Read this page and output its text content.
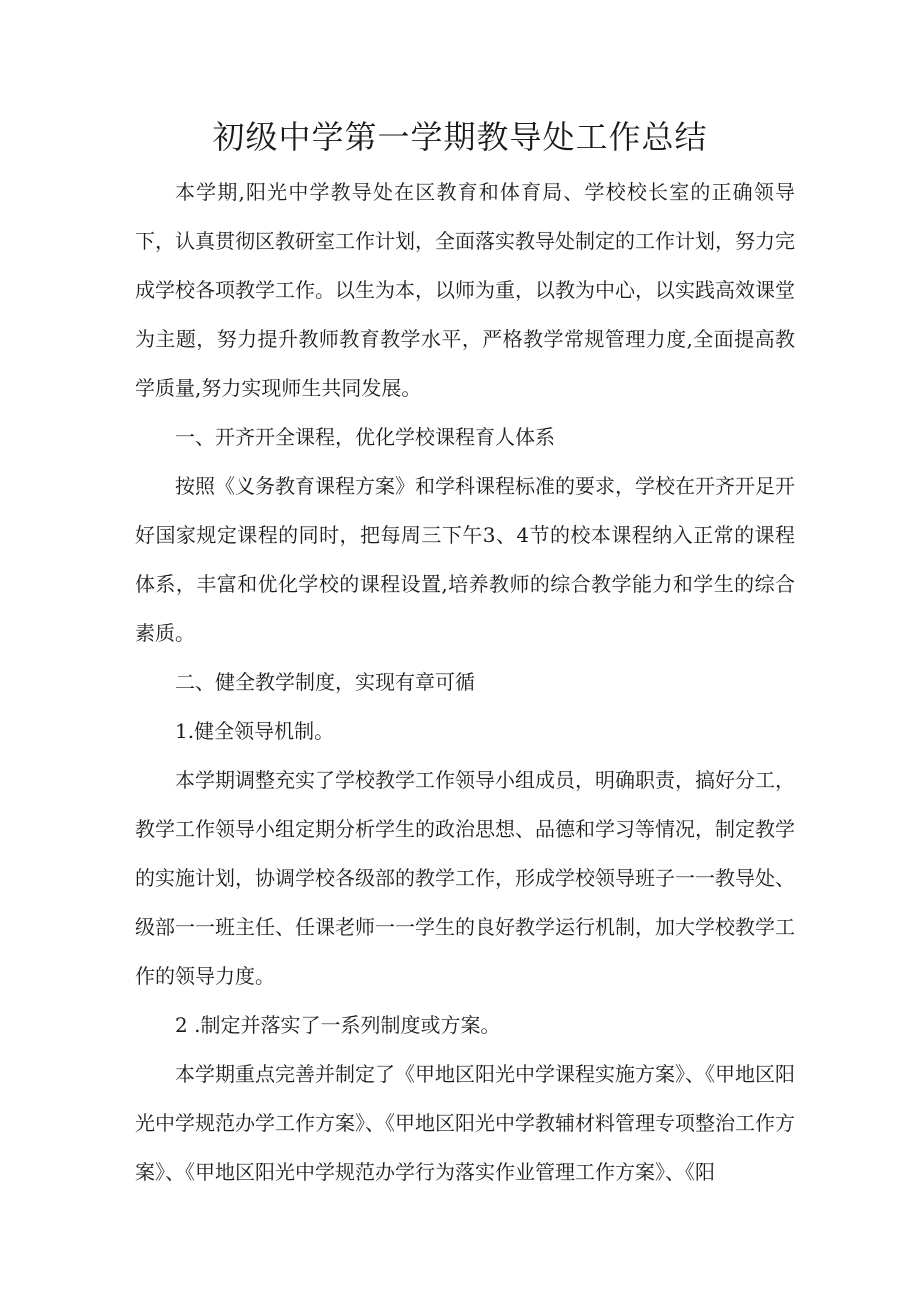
初级中学第一学期教导处工作总结

本学期,阳光中学教导处在区教育和体育局、学校校长室的正确领导下，认真贯彻区教研室工作计划，全面落实教导处制定的工作计划，努力完成学校各项教学工作。以生为本，以师为重，以教为中心，以实践高效课堂为主题，努力提升教师教育教学水平，严格教学常规管理力度,全面提高教学质量,努力实现师生共同发展。

一、开齐开全课程，优化学校课程育人体系

按照《义务教育课程方案》和学科课程标准的要求，学校在开齐开足开好国家规定课程的同时，把每周三下午3、4节的校本课程纳入正常的课程体系，丰富和优化学校的课程设置,培养教师的综合教学能力和学生的综合素质。

二、健全教学制度，实现有章可循

1.健全领导机制。

本学期调整充实了学校教学工作领导小组成员，明确职责，搞好分工，教学工作领导小组定期分析学生的政治思想、品德和学习等情况，制定教学的实施计划，协调学校各级部的教学工作，形成学校领导班子一一教导处、级部一一班主任、任课老师一一学生的良好教学运行机制，加大学校教学工作的领导力度。

2 .制定并落实了一系列制度或方案。

本学期重点完善并制定了《甲地区阳光中学课程实施方案》、《甲地区阳光中学规范办学工作方案》、《甲地区阳光中学教辅材料管理专项整治工作方案》、《甲地区阳光中学规范办学行为落实作业管理工作方案》、《阳
